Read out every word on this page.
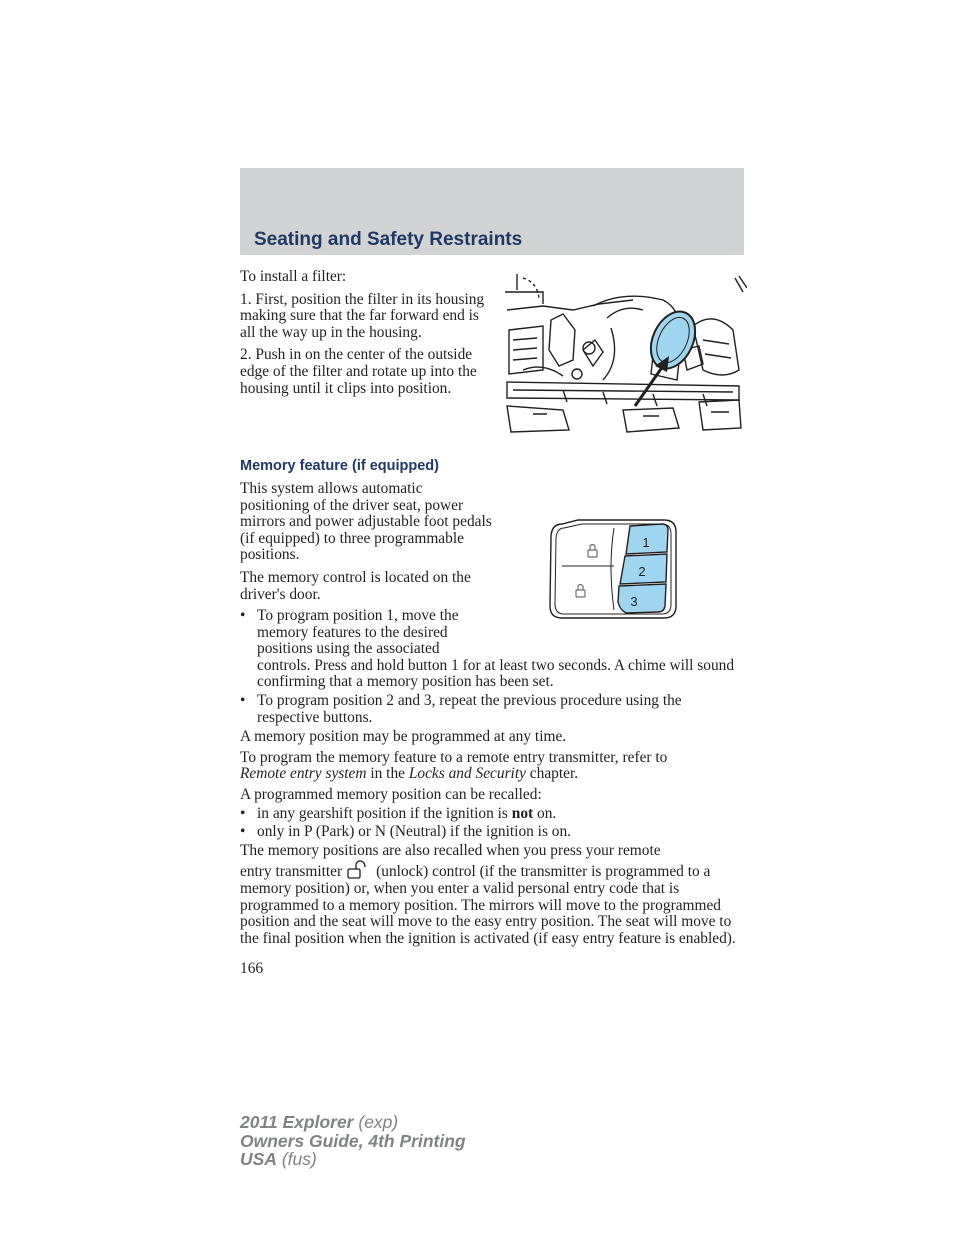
Seating and Safety Restraints

To install a filter:

1. First, position the filter in its housing making sure that the far forward end is all the way up in the housing.

2. Push in on the center of the outside edge of the filter and rotate up into the housing until it clips into position.

Memory feature (if equipped)

This system allows automatic positioning of the driver seat, power mirrors and power adjustable foot pedals (if equipped) to three programmable positions.

The memory control is located on the driver's door.

• To program position 1, move the memory features to the desired positions using the associated
controls. Press and hold button 1 for at least two seconds. A chime will sound confirming that a memory position has been set.
1
2
3
• To program position 2 and 3, repeat the previous procedure using the respective buttons.

A memory position may be programmed at any time.

To program the memory feature to a remote entry transmitter, refer to
Remote entry system in the Locks and Security chapter.

A programmed memory position can be recalled:

• in any gearshift position if the ignition is not on.
• only in P (Park) or N (Neutral) if the ignition is on.

The memory positions are also recalled when you press your remote
entry transmitter (unlock) control (if the transmitter is programmed to a memory position) or, when you enter a valid personal entry code that is programmed to a memory position. The mirrors will move to the programmed position and the seat will move to the easy entry position. The seat will move to the final position when the ignition is activated (if easy entry feature is enabled).

166
2011 Explorer (exp)
Owners Guide, 4th Printing
USA (fus)
